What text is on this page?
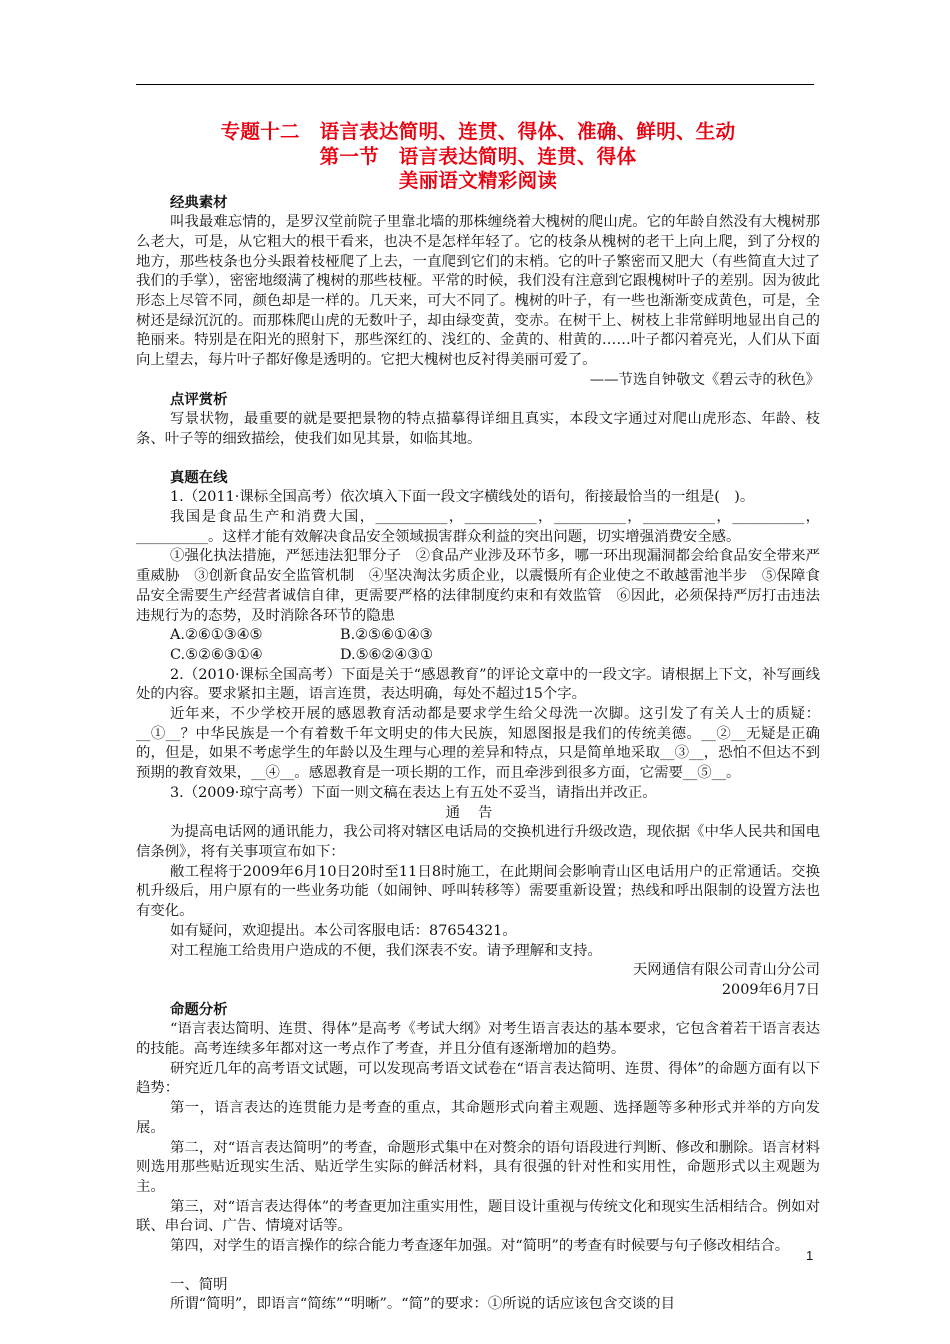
专题十二　语言表达简明、连贯、得体、准确、鲜明、生动
第一节　语言表达简明、连贯、得体
美丽语文精彩阅读
经典素材

叫我最难忘情的，是罗汉堂前院子里靠北墙的那株缠绕着大槐树的爬山虎。它的年龄自然没有大槐树那么老大，可是，从它粗大的根干看来，也决不是怎样年轻了。它的枝条从槐树的老干上向上爬，到了分杈的地方，那些枝条也分头跟着枝桠爬了上去，一直爬到它们的末梢。它的叶子繁密而又肥大（有些简直大过了我们的手掌），密密地缀满了槐树的那些枝桠。平常的时候，我们没有注意到它跟槐树叶子的差别。因为彼此形态上尽管不同，颜色却是一样的。几天来，可大不同了。槐树的叶子，有一些也渐渐变成黄色，可是，全树还是绿沉沉的。而那株爬山虎的无数叶子，却由绿变黄，变赤。在树干上、树枝上非常鲜明地显出自己的艳丽来。特别是在阳光的照射下，那些深红的、浅红的、金黄的、柑黄的……叶子都闪着亮光，人们从下面向上望去，每片叶子都好像是透明的。它把大槐树也反衬得美丽可爱了。

——节选自钟敬文《碧云寺的秋色》

点评赏析

写景状物，最重要的就是要把景物的特点描摹得详细且真实，本段文字通过对爬山虎形态、年龄、枝条、叶子等的细致描绘，使我们如见其景，如临其地。

真题在线

1.（2011·课标全国高考）依次填入下面一段文字横线处的语句，衔接最恰当的一组是(　)。

我国是食品生产和消费大国，__________，__________，__________，__________，__________，__________。这样才能有效解决食品安全领域损害群众利益的突出问题，切实增强消费安全感。

①强化执法措施，严惩违法犯罪分子　②食品产业涉及环节多，哪一环出现漏洞都会给食品安全带来严重威胁　③创新食品安全监管机制　④坚决淘汰劣质企业，以震慑所有企业使之不敢越雷池半步　⑤保障食品安全需要生产经营者诚信自律，更需要严格的法律制度约束和有效监管　⑥因此，必须保持严厉打击违法违规行为的态势，及时消除各环节的隐患

A.②⑥①③④⑤	B.②⑤⑥①④③
C.⑤②⑥③①④	D.⑤⑥②④③①

2.（2010·课标全国高考）下面是关于“感恩教育”的评论文章中的一段文字。请根据上下文，补写画线处的内容。要求紧扣主题，语言连贯，表达明确，每处不超过15个字。

近年来，不少学校开展的感恩教育活动都是要求学生给父母洗一次脚。这引发了有关人士的质疑：__①__？中华民族是一个有着数千年文明史的伟大民族，知恩图报是我们的传统美德。__②__无疑是正确的，但是，如果不考虑学生的年龄以及生理与心理的差异和特点，只是简单地采取__③__，恐怕不但达不到预期的教育效果，__④__。感恩教育是一项长期的工作，而且牵涉到很多方面，它需要__⑤__。

3.（2009·琼宁高考）下面一则文稿在表达上有五处不妥当，请指出并改正。

通告

为提高电话网的通讯能力，我公司将对辖区电话局的交换机进行升级改造，现依据《中华人民共和国电信条例》，将有关事项宣布如下：

敝工程将于2009年6月10日20时至11日8时施工，在此期间会影响青山区电话用户的正常通话。交换机升级后，用户原有的一些业务功能（如闹钟、呼叫转移等）需要重新设置；热线和呼出限制的设置方法也有变化。

如有疑问，欢迎提出。本公司客服电话：87654321。

对工程施工给贵用户造成的不便，我们深表不安。请予理解和支持。

天网通信有限公司青山分公司

2009年6月7日

命题分析

“语言表达简明、连贯、得体”是高考《考试大纲》对考生语言表达的基本要求，它包含着若干语言表达的技能。高考连续多年都对这一考点作了考查，并且分值有逐渐增加的趋势。

研究近几年的高考语文试题，可以发现高考语文试卷在“语言表达简明、连贯、得体”的命题方面有以下趋势：

第一，语言表达的连贯能力是考查的重点，其命题形式向着主观题、选择题等多种形式并举的方向发展。

第二，对“语言表达简明”的考查，命题形式集中在对赘余的语句语段进行判断、修改和删除。语言材料则选用那些贴近现实生活、贴近学生实际的鲜活材料，具有很强的针对性和实用性，命题形式以主观题为主。

第三，对“语言表达得体”的考查更加注重实用性，题目设计重视与传统文化和现实生活相结合。例如对联、串台词、广告、情境对话等。

第四，对学生的语言操作的综合能力考查逐年加强。对“简明”的考查有时候要与句子修改相结合。

一、简明

所谓“简明”，即语言“简练”“明晰”。“简”的要求：①所说的话应该包含交谈的目

1
